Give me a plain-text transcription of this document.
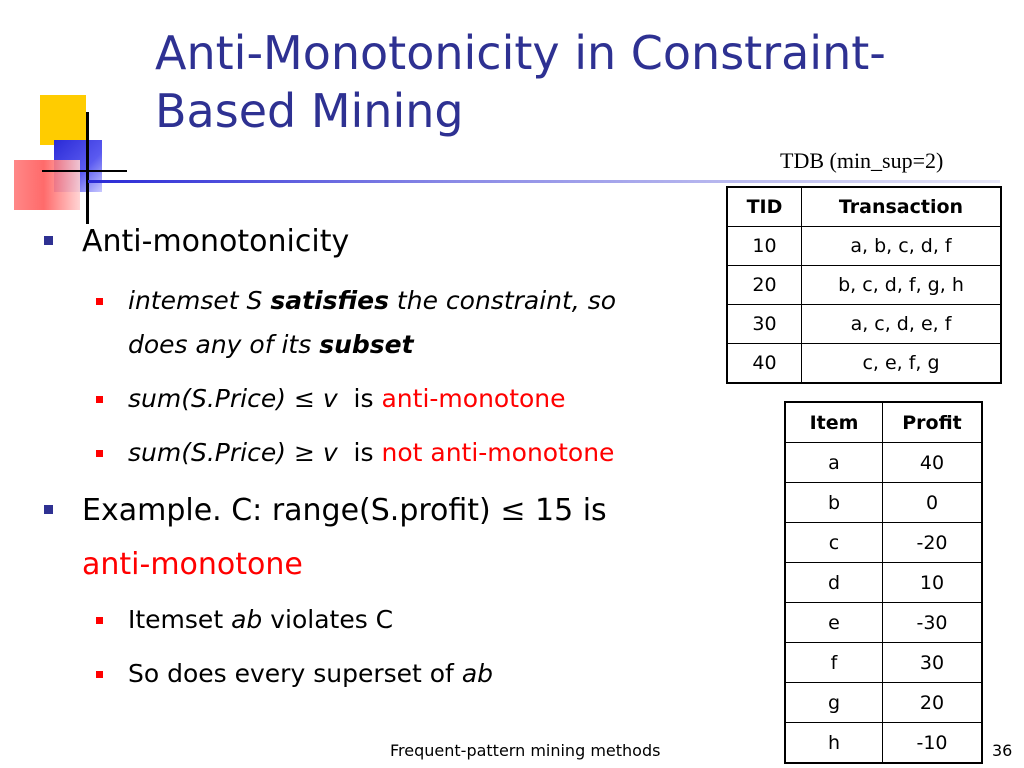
Anti-Monotonicity in Constraint-Based Mining
TDB (min_sup=2)
Anti-monotonicity
intemset S satisfies the constraint, so
does any of its subset
sum(S.Price) ≤ v is anti-monotone
sum(S.Price) ≥ v is not anti-monotone
Example. C: range(S.profit) ≤ 15 is
anti-monotone
Itemset ab violates C
So does every superset of ab
TID	Transaction
10	a, b, c, d, f
20	b, c, d, f, g, h
30	a, c, d, e, f
40	c, e, f, g
Item	Profit
a	40
b	0
c	-20
d	10
e	-30
f	30
g	20
h	-10
Frequent-pattern mining methods	36
